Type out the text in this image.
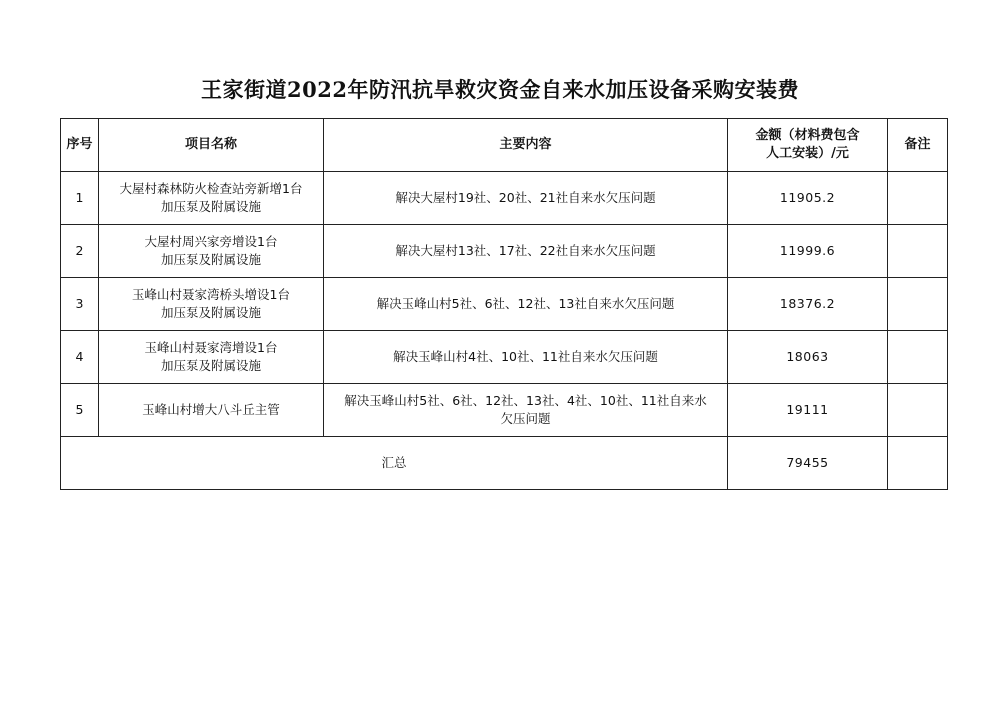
王家街道2022年防汛抗旱救灾资金自来水加压设备采购安装费
序号	项目名称	主要内容	金额（材料费包含
人工安装）/元	备注
1	大屋村森林防火检查站旁新增1台
加压泵及附属设施	解决大屋村19社、20社、21社自来水欠压问题	11905.2	
2	大屋村周兴家旁增设1台
加压泵及附属设施	解决大屋村13社、17社、22社自来水欠压问题	11999.6	
3	玉峰山村聂家湾桥头增设1台
加压泵及附属设施	解决玉峰山村5社、6社、12社、13社自来水欠压问题	18376.2	
4	玉峰山村聂家湾增设1台
加压泵及附属设施	解决玉峰山村4社、10社、11社自来水欠压问题	18063	
5	玉峰山村增大八斗丘主管	解决玉峰山村5社、6社、12社、13社、4社、10社、11社自来水
欠压问题	19111	
汇总			79455	
